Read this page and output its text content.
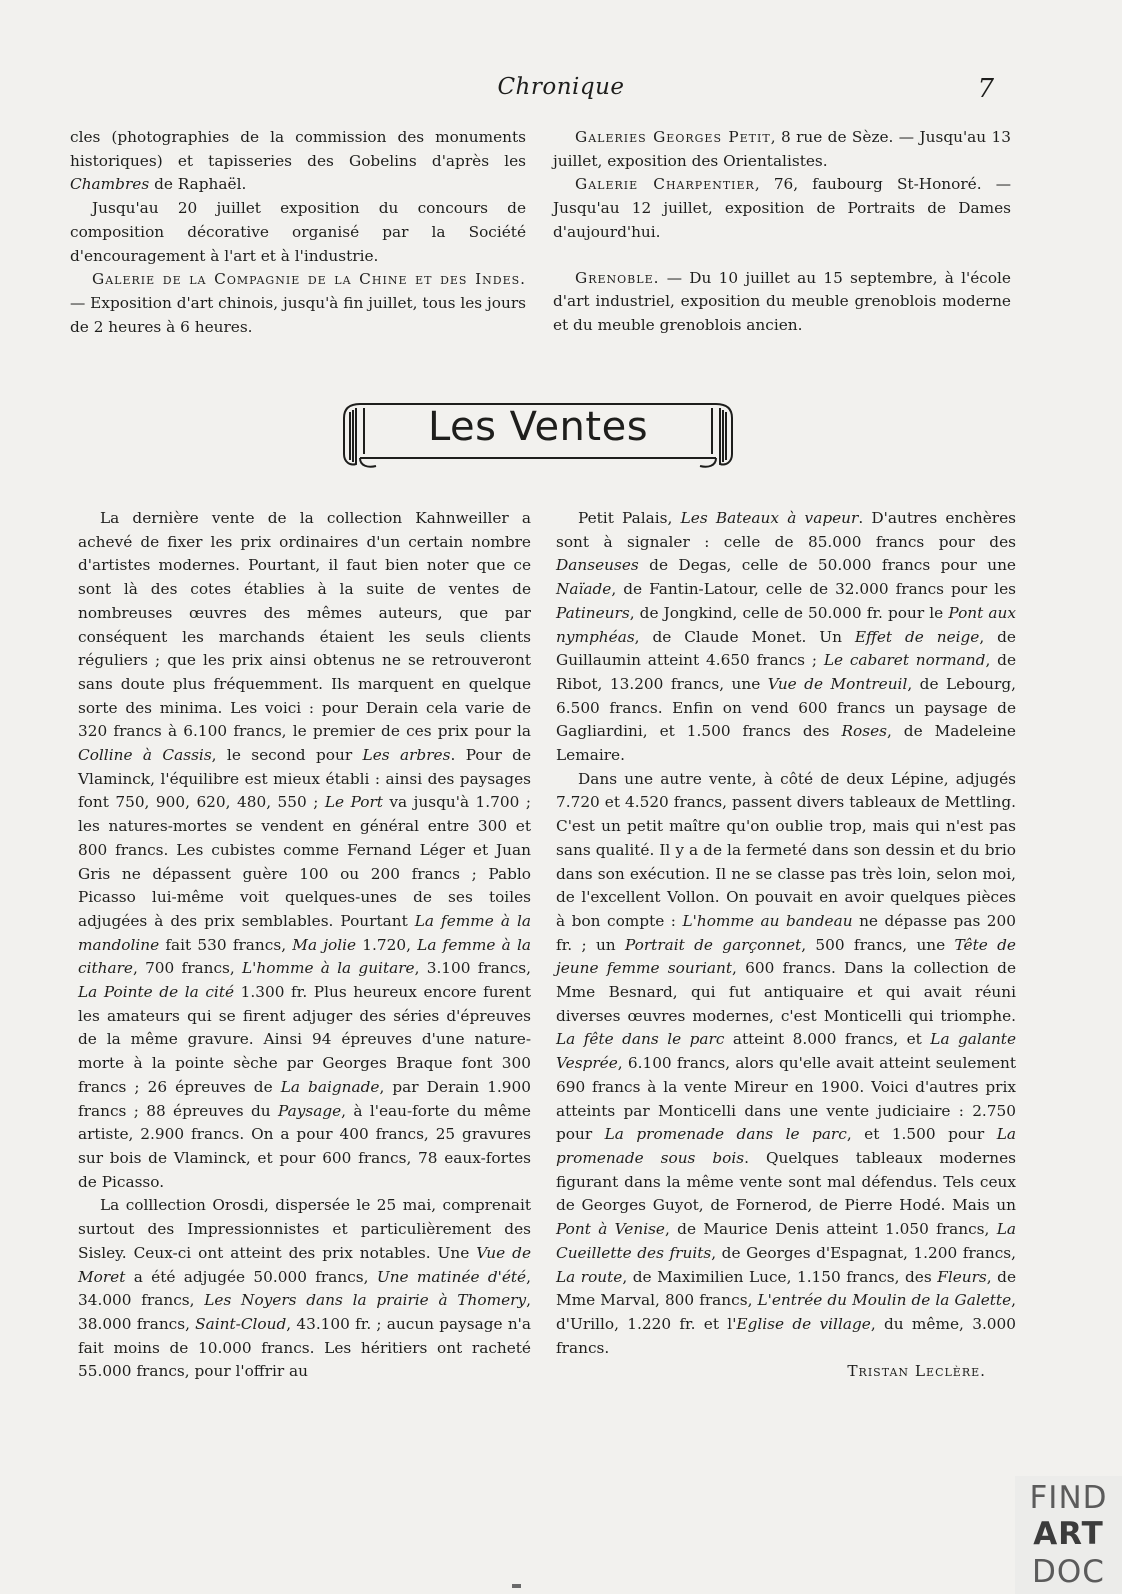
Chronique	7

cles (photographies de la commission des monuments historiques) et tapisseries des Gobelins d'après les Chambres de Raphaël.

Jusqu'au 20 juillet exposition du concours de composition décorative organisé par la Société d'encouragement à l'art et à l'industrie.

Galerie de la Compagnie de la Chine et des Indes. — Exposition d'art chinois, jusqu'à fin juillet, tous les jours de 2 heures à 6 heures.

Galeries Georges Petit, 8 rue de Sèze. — Jusqu'au 13 juillet, exposition des Orientalistes.

Galerie Charpentier, 76, faubourg St-Honoré. — Jusqu'au 12 juillet, exposition de Portraits de Dames d'aujourd'hui.

Grenoble. — Du 10 juillet au 15 septembre, à l'école d'art industriel, exposition du meuble grenoblois moderne et du meuble grenoblois ancien.

Les Ventes

La dernière vente de la collection Kahnweiller a achevé de fixer les prix ordinaires d'un certain nombre d'artistes modernes. Pourtant, il faut bien noter que ce sont là des cotes établies à la suite de ventes de nombreuses œuvres des mêmes auteurs, que par conséquent les marchands étaient les seuls clients réguliers ; que les prix ainsi obtenus ne se retrouveront sans doute plus fréquemment. Ils marquent en quelque sorte des minima. Les voici : pour Derain cela varie de 320 francs à 6.100 francs, le premier de ces prix pour la Colline à Cassis, le second pour Les arbres. Pour de Vlaminck, l'équilibre est mieux établi : ainsi des paysages font 750, 900, 620, 480, 550 ; Le Port va jusqu'à 1.700 ; les natures-mortes se vendent en général entre 300 et 800 francs. Les cubistes comme Fernand Léger et Juan Gris ne dépassent guère 100 ou 200 francs ; Pablo Picasso lui-même voit quelques-unes de ses toiles adjugées à des prix semblables. Pourtant La femme à la mandoline fait 530 francs, Ma jolie 1.720, La femme à la cithare, 700 francs, L'homme à la guitare, 3.100 francs, La Pointe de la cité 1.300 fr. Plus heureux encore furent les amateurs qui se firent adjuger des séries d'épreuves de la même gravure. Ainsi 94 épreuves d'une nature-morte à la pointe sèche par Georges Braque font 300 francs ; 26 épreuves de La baignade, par Derain 1.900 francs ; 88 épreuves du Paysage, à l'eau-forte du même artiste, 2.900 francs. On a pour 400 francs, 25 gravures sur bois de Vlaminck, et pour 600 francs, 78 eaux-fortes de Picasso.

La colllection Orosdi, dispersée le 25 mai, comprenait surtout des Impressionnistes et particulièrement des Sisley. Ceux-ci ont atteint des prix notables. Une Vue de Moret a été adjugée 50.000 francs, Une matinée d'été, 34.000 francs, Les Noyers dans la prairie à Thomery, 38.000 francs, Saint-Cloud, 43.100 fr. ; aucun paysage n'a fait moins de 10.000 francs. Les héritiers ont racheté 55.000 francs, pour l'offrir au

Petit Palais, Les Bateaux à vapeur. D'autres enchères sont à signaler : celle de 85.000 francs pour des Danseuses de Degas, celle de 50.000 francs pour une Naïade, de Fantin-Latour, celle de 32.000 francs pour les Patineurs, de Jongkind, celle de 50.000 fr. pour le Pont aux nymphéas, de Claude Monet. Un Effet de neige, de Guillaumin atteint 4.650 francs ; Le cabaret normand, de Ribot, 13.200 francs, une Vue de Montreuil, de Lebourg, 6.500 francs. Enfin on vend 600 francs un paysage de Gagliardini, et 1.500 francs des Roses, de Madeleine Lemaire.

Dans une autre vente, à côté de deux Lépine, adjugés 7.720 et 4.520 francs, passent divers tableaux de Mettling. C'est un petit maître qu'on oublie trop, mais qui n'est pas sans qualité. Il y a de la fermeté dans son dessin et du brio dans son exécution. Il ne se classe pas très loin, selon moi, de l'excellent Vollon. On pouvait en avoir quelques pièces à bon compte : L'homme au bandeau ne dépasse pas 200 fr. ; un Portrait de garçonnet, 500 francs, une Tête de jeune femme souriant, 600 francs. Dans la collection de Mme Besnard, qui fut antiquaire et qui avait réuni diverses œuvres modernes, c'est Monticelli qui triomphe. La fête dans le parc atteint 8.000 francs, et La galante Vesprée, 6.100 francs, alors qu'elle avait atteint seulement 690 francs à la vente Mireur en 1900. Voici d'autres prix atteints par Monticelli dans une vente judiciaire : 2.750 pour La promenade dans le parc, et 1.500 pour La promenade sous bois. Quelques tableaux modernes figurant dans la même vente sont mal défendus. Tels ceux de Georges Guyot, de Fornerod, de Pierre Hodé. Mais un Pont à Venise, de Maurice Denis atteint 1.050 francs, La Cueillette des fruits, de Georges d'Espagnat, 1.200 francs, La route, de Maximilien Luce, 1.150 francs, des Fleurs, de Mme Marval, 800 francs, L'entrée du Moulin de la Galette, d'Urillo, 1.220 fr. et l'Eglise de village, du même, 3.000 francs.

Tristan Leclère.

FIND
ART
DOC
